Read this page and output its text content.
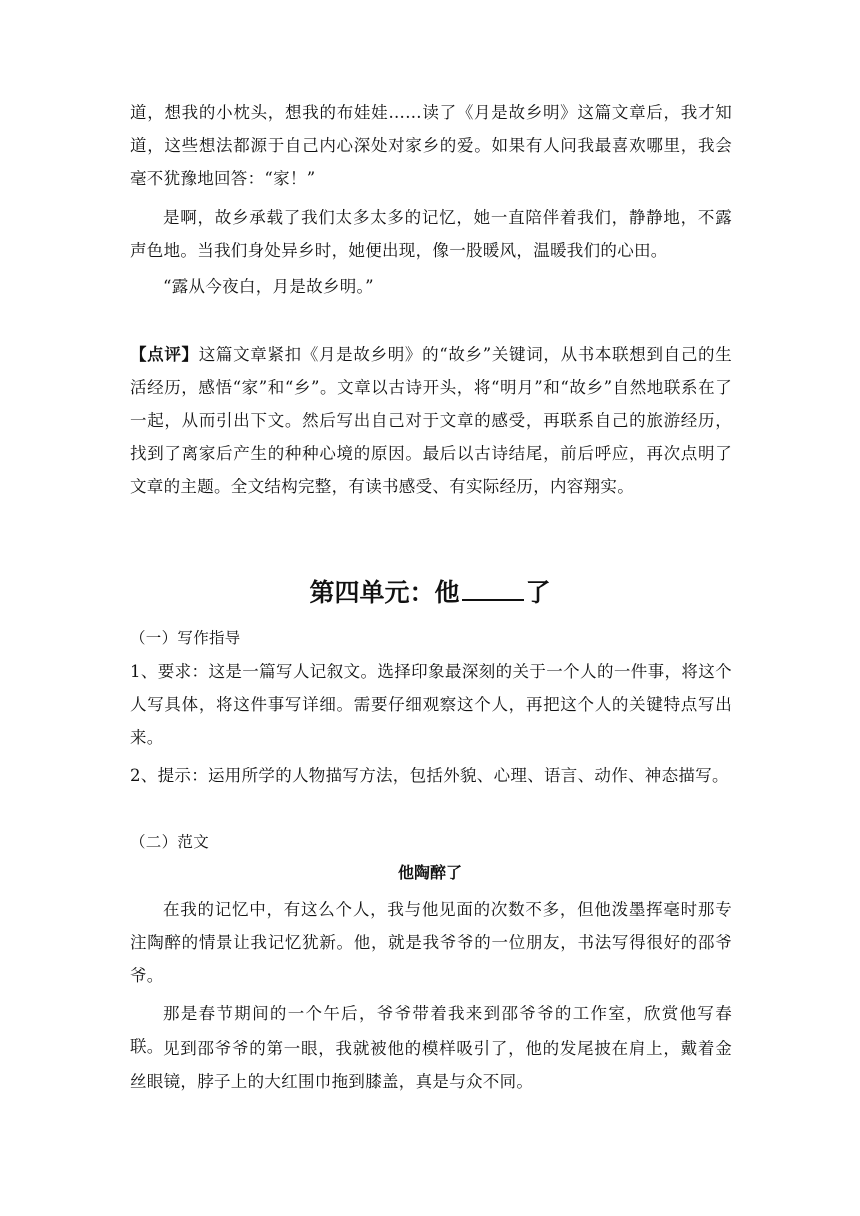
道，想我的小枕头，想我的布娃娃……读了《月是故乡明》这篇文章后，我才知道，这些想法都源于自己内心深处对家乡的爱。如果有人问我最喜欢哪里，我会毫不犹豫地回答：“家！”

是啊，故乡承载了我们太多太多的记忆，她一直陪伴着我们，静静地，不露声色地。当我们身处异乡时，她便出现，像一股暖风，温暖我们的心田。

“露从今夜白，月是故乡明。”

【点评】这篇文章紧扣《月是故乡明》的“故乡”关键词，从书本联想到自己的生活经历，感悟“家”和“乡”。文章以古诗开头，将“明月”和“故乡”自然地联系在了一起，从而引出下文。然后写出自己对于文章的感受，再联系自己的旅游经历，找到了离家后产生的种种心境的原因。最后以古诗结尾，前后呼应，再次点明了文章的主题。全文结构完整，有读书感受、有实际经历，内容翔实。

第四单元：他	了

（一）写作指导

1、要求：这是一篇写人记叙文。选择印象最深刻的关于一个人的一件事，将这个人写具体，将这件事写详细。需要仔细观察这个人，再把这个人的关键特点写出来。

2、提示：运用所学的人物描写方法，包括外貌、心理、语言、动作、神态描写。

（二）范文

他陶醉了

在我的记忆中，有这么个人，我与他见面的次数不多，但他泼墨挥毫时那专注陶醉的情景让我记忆犹新。他，就是我爷爷的一位朋友，书法写得很好的邵爷爷。

那是春节期间的一个午后，爷爷带着我来到邵爷爷的工作室，欣赏他写春联。 见到邵爷爷的第一眼，我就被他的模样吸引了，他的发尾披在肩上，戴着金丝眼镜，脖子上的大红围巾拖到膝盖，真是与众不同。
